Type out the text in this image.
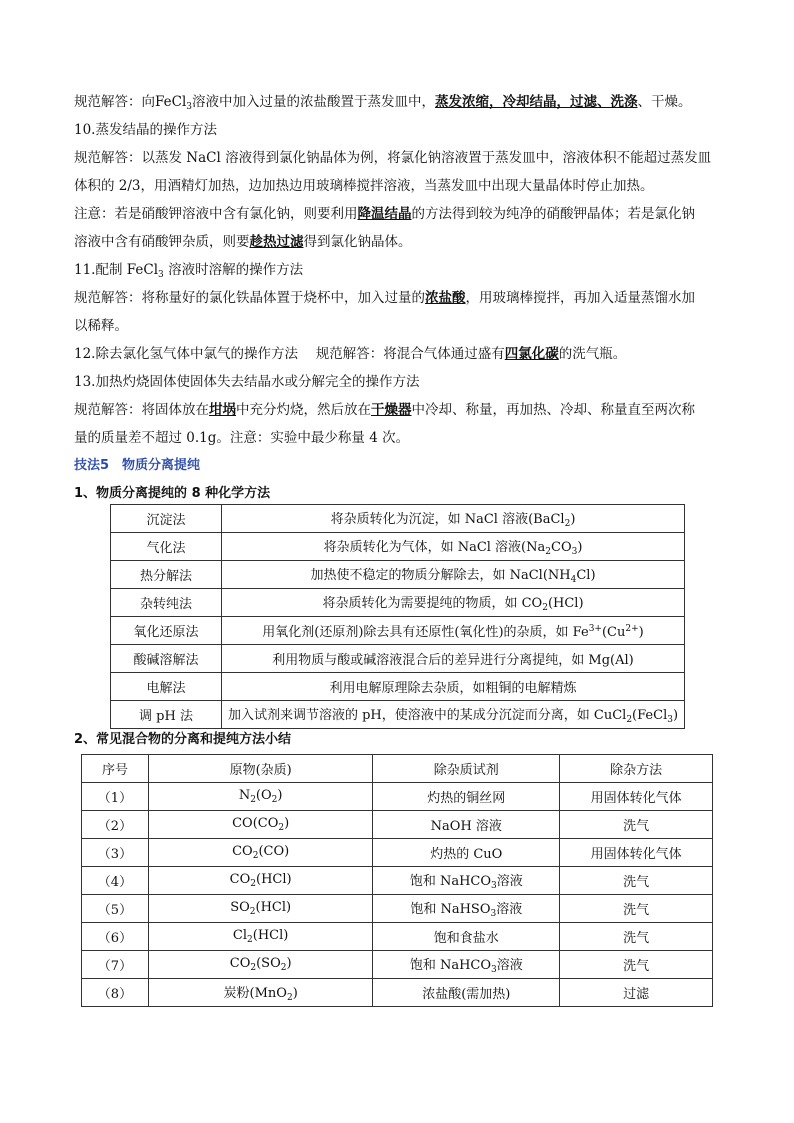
规范解答：向FeCl$_3$溶液中加入过量的浓盐酸置于蒸发皿中，蒸发浓缩，冷却结晶，过滤、洗涤、干燥。

10.蒸发结晶的操作方法

规范解答：以蒸发 NaCl 溶液得到氯化钠晶体为例，将氯化钠溶液置于蒸发皿中，溶液体积不能超过蒸发皿

体积的 2/3，用酒精灯加热，边加热边用玻璃棒搅拌溶液，当蒸发皿中出现大量晶体时停止加热。

注意：若是硝酸钾溶液中含有氯化钠，则要利用降温结晶的方法得到较为纯净的硝酸钾晶体；若是氯化钠

溶液中含有硝酸钾杂质，则要趁热过滤得到氯化钠晶体。

11.配制 FeCl$_3$ 溶液时溶解的操作方法

规范解答：将称量好的氯化铁晶体置于烧杯中，加入过量的浓盐酸，用玻璃棒搅拌，再加入适量蒸馏水加

以稀释。

12.除去氯化氢气体中氯气的操作方法　 规范解答：将混合气体通过盛有四氯化碳的洗气瓶。

13.加热灼烧固体使固体失去结晶水或分解完全的操作方法

规范解答：将固体放在坩埚中充分灼烧，然后放在干燥器中冷却、称量，再加热、冷却、称量直至两次称

量的质量差不超过 0.1g。注意：实验中最少称量 4 次。

技法5　物质分离提纯

1、物质分离提纯的 8 种化学方法

沉淀法	将杂质转化为沉淀，如 NaCl 溶液(BaCl$_2$)
气化法	将杂质转化为气体，如 NaCl 溶液$(Na_2CO_3)$
热分解法	加热使不稳定的物质分解除去，如 $NaCl(NH_4Cl)$
杂转纯法	将杂质转化为需要提纯的物质，如 $CO_2(HCl)$
氧化还原法	用氧化剂(还原剂)除去具有还原性(氧化性)的杂质，如 $Fe^{3+}(Cu^{2+})$
酸碱溶解法	利用物质与酸或碱溶液混合后的差异进行分离提纯，如 Mg(Al)
电解法	利用电解原理除去杂质，如粗铜的电解精炼
调 pH 法	加入试剂来调节溶液的 pH，使溶液中的某成分沉淀而分离，如 CuCl$_2$(FeCl$_3$)

2、常见混合物的分离和提纯方法小结

序号	原物(杂质)	除杂质试剂	除杂方法
（1）	$N_2(O_2)$	灼热的铜丝网	用固体转化气体
（2）	$CO(CO_2)$	NaOH 溶液	洗气
（3）	$CO_2(CO)$	灼热的 CuO	用固体转化气体
（4）	$CO_2(HCl)$	饱和 NaHCO$_3$溶液	洗气
（5）	$SO_2(HCl)$	饱和 NaHSO$_3$溶液	洗气
（6）	$Cl_2(HCl)$	饱和食盐水	洗气
（7）	$CO_2(SO_2)$	饱和 NaHCO$_3$溶液	洗气
（8）	炭粉(MnO$_2$)	浓盐酸(需加热)	过滤
